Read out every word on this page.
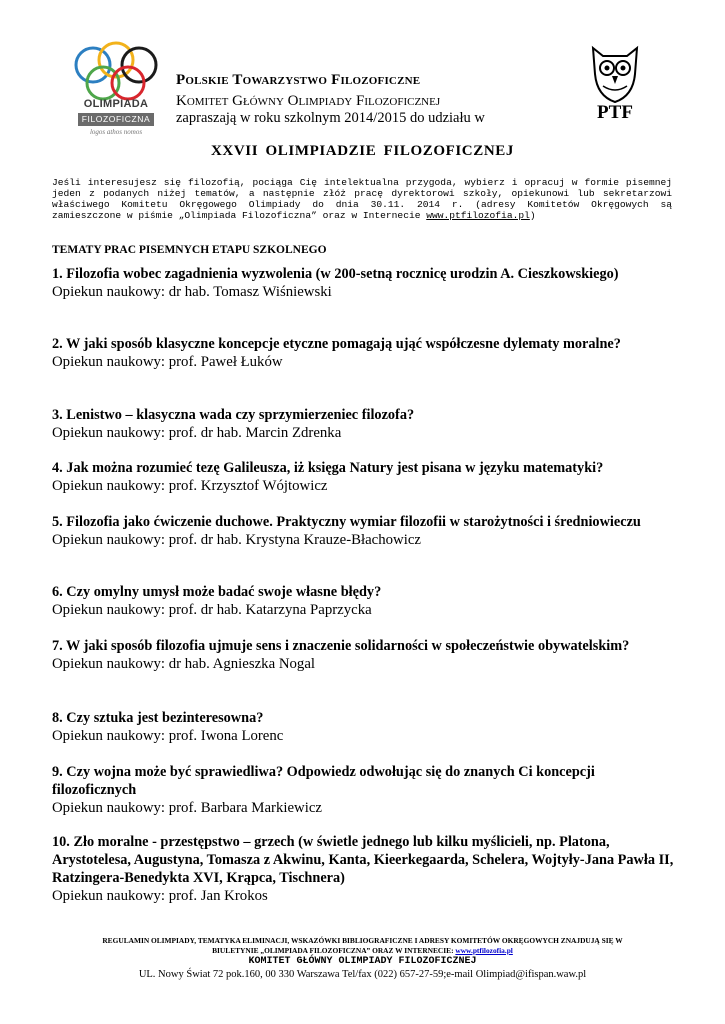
OLIMPIADA
FILOZOFICZNA
logos athos nomos
PTF
Polskie Towarzystwo Filozoficzne
Komitet Główny Olimpiady Filozoficznej
zapraszają w roku szkolnym 2014/2015 do udziału w
XXVII OLIMPIADZIE FILOZOFICZNEJ
Jeśli interesujesz się filozofią, pociąga Cię intelektualna przygoda, wybierz i opracuj w formie pisemnej jeden z podanych niżej tematów, a następnie złóż pracę dyrektorowi szkoły, opiekunowi lub sekretarzowi właściwego Komitetu Okręgowego Olimpiady do dnia 30.11. 2014 r. (adresy Komitetów Okręgowych są zamieszczone w piśmie „Olimpiada Filozoficzna” oraz w Internecie www.ptfilozofia.pl)
TEMATY PRAC PISEMNYCH ETAPU SZKOLNEGO
1. Filozofia wobec zagadnienia wyzwolenia (w 200-setną rocznicę urodzin A. Cieszkowskiego)
Opiekun naukowy: dr hab. Tomasz Wiśniewski
2. W jaki sposób klasyczne koncepcje etyczne pomagają ująć współczesne dylematy moralne?
Opiekun naukowy: prof. Paweł Łuków
3. Lenistwo – klasyczna wada czy sprzymierzeniec filozofa?
Opiekun naukowy: prof. dr hab. Marcin Zdrenka
4. Jak można rozumieć tezę Galileusza, iż księga Natury jest pisana w języku matematyki?
Opiekun naukowy: prof. Krzysztof Wójtowicz
5. Filozofia jako ćwiczenie duchowe. Praktyczny wymiar filozofii w starożytności i średniowieczu
Opiekun naukowy: prof. dr hab. Krystyna Krauze-Błachowicz
6. Czy omylny umysł może badać swoje własne błędy?
Opiekun naukowy: prof. dr hab. Katarzyna Paprzycka
7. W jaki sposób filozofia ujmuje sens i znaczenie solidarności w społeczeństwie obywatelskim?
Opiekun naukowy: dr hab. Agnieszka Nogal
8. Czy sztuka jest bezinteresowna?
Opiekun naukowy: prof. Iwona Lorenc
9. Czy wojna może być sprawiedliwa? Odpowiedz odwołując się do znanych Ci koncepcji filozoficznych
Opiekun naukowy: prof. Barbara Markiewicz
10. Zło moralne - przestępstwo – grzech (w świetle jednego lub kilku myślicieli, np. Platona, Arystotelesa, Augustyna, Tomasza z Akwinu, Kanta, Kieerkegaarda, Schelera, Wojtyły-Jana Pawła II, Ratzingera-Benedykta XVI, Krąpca, Tischnera)
Opiekun naukowy: prof. Jan Krokos
REGULAMIN OLIMPIADY, TEMATYKA ELIMINACJI, WSKAZÓWKI BIBLIOGRAFICZNE I ADRESY KOMITETÓW OKRĘGOWYCH ZNAJDUJĄ SIĘ W
BIULETYNIE „OLIMPIADA FILOZOFICZNA” ORAZ W INTERNECIE: www.ptfilozofia.pl
KOMITET GŁÓWNY OLIMPIADY FILOZOFICZNEJ
UL. Nowy Świat 72 pok.160, 00 330 Warszawa Tel/fax (022) 657-27-59;e-mail Olimpiad@ifispan.waw.pl
